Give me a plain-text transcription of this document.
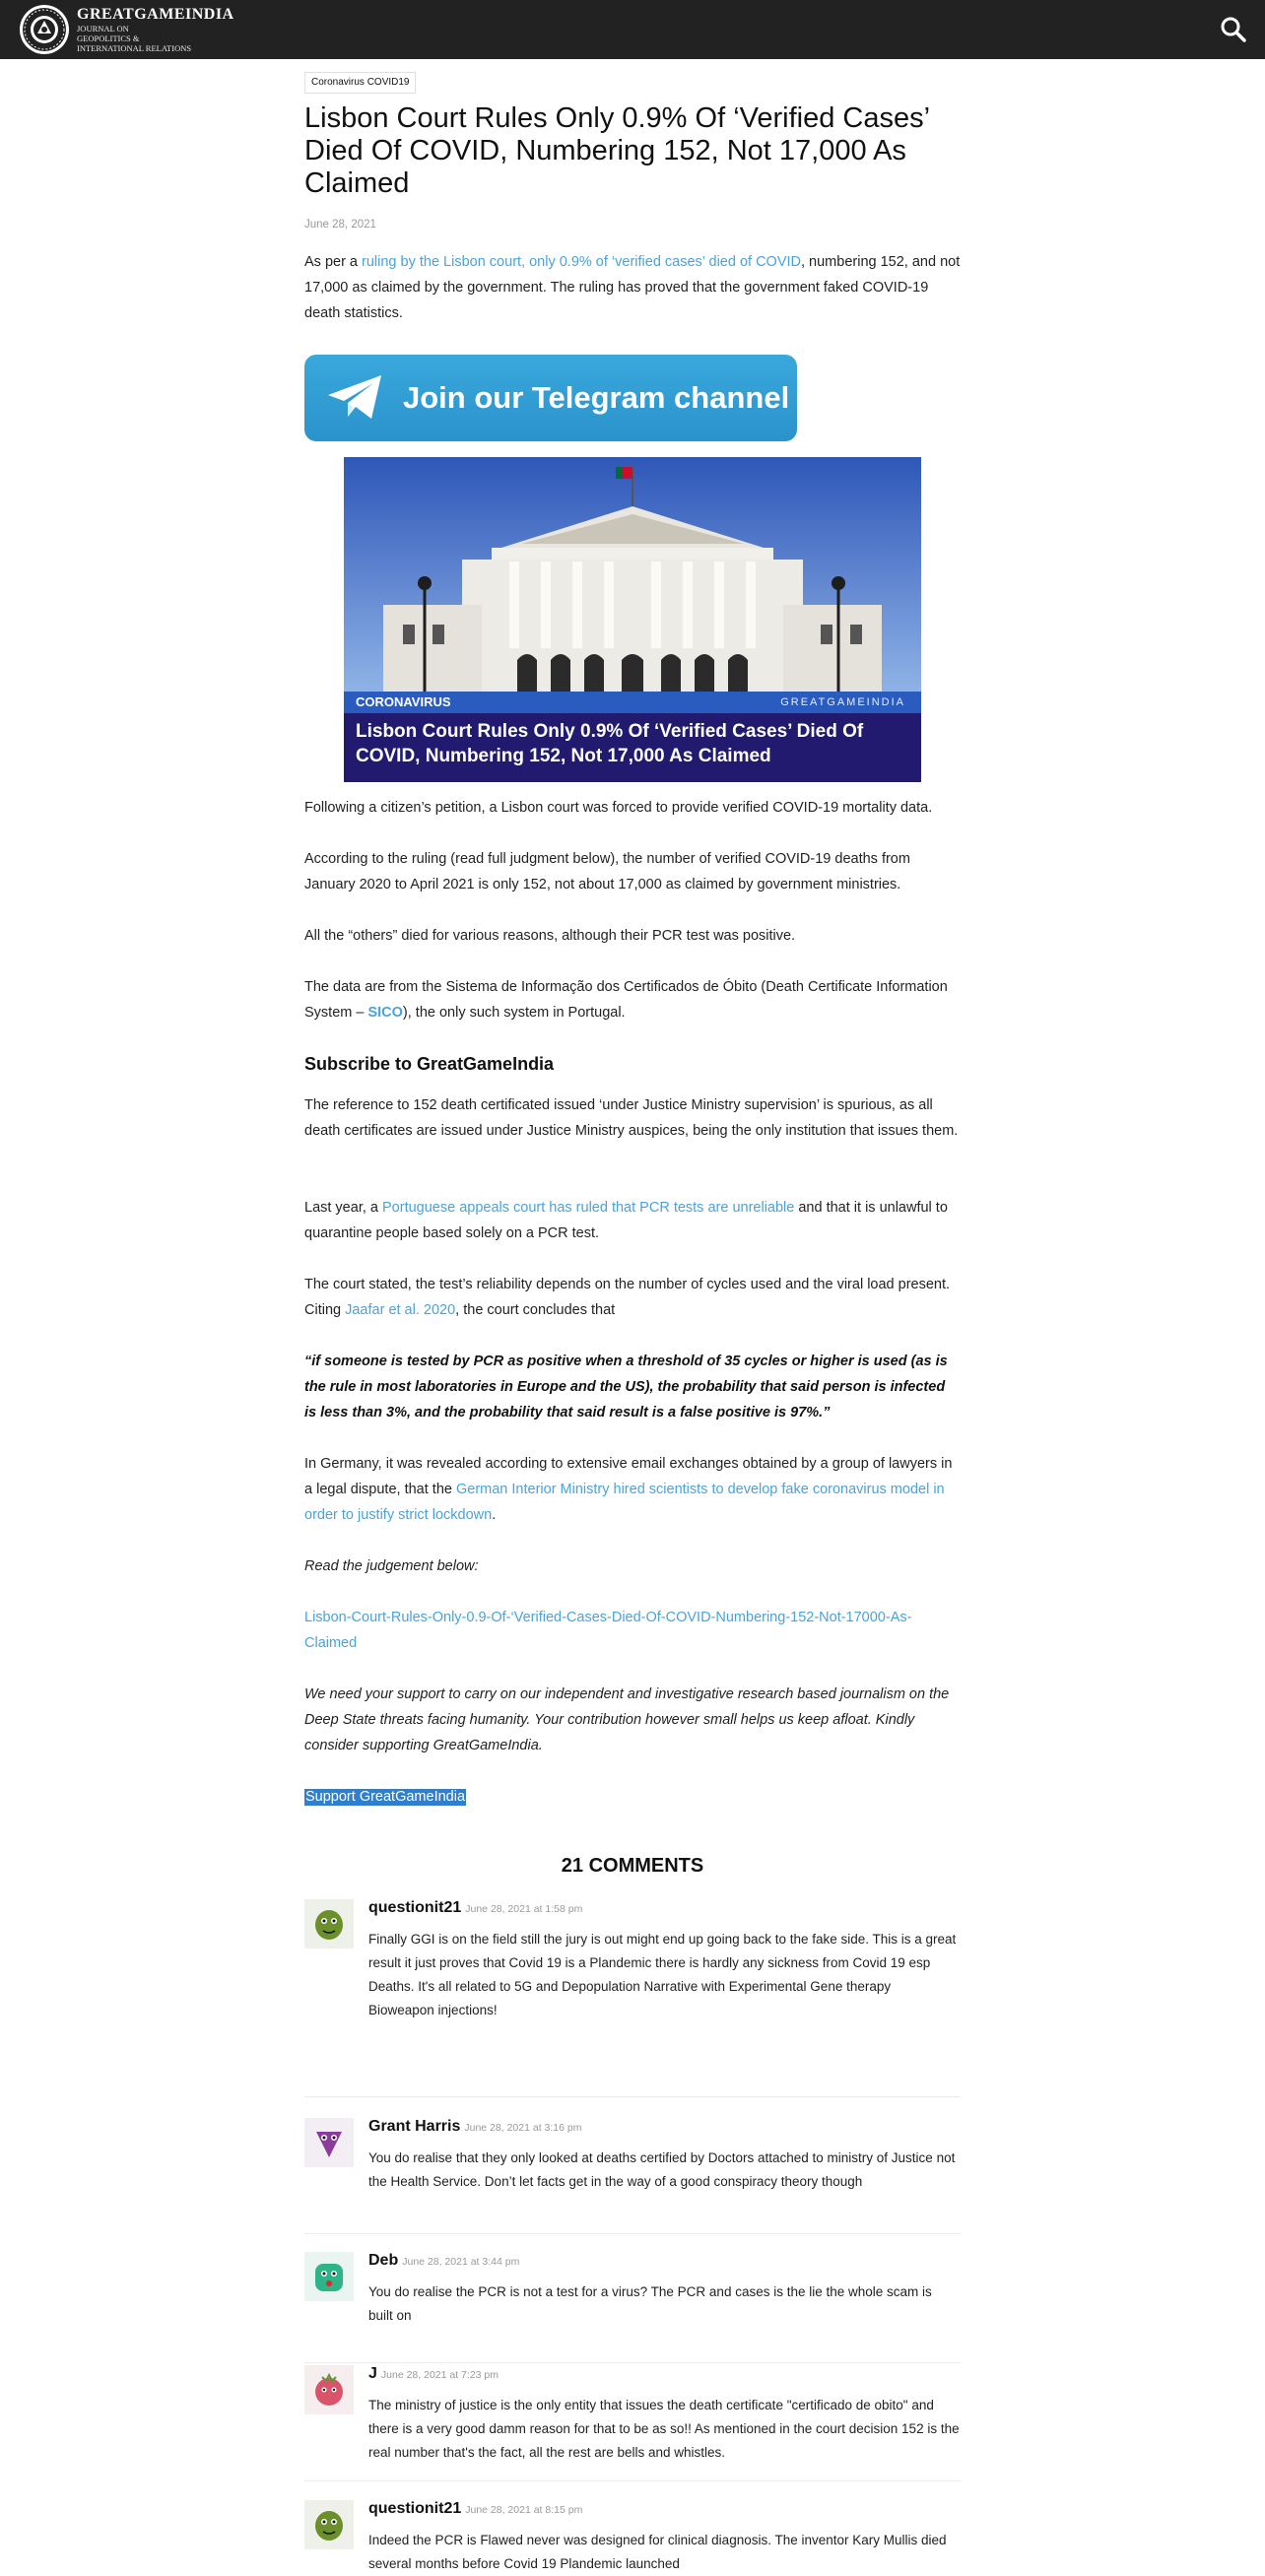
GREATGAMEINDIA
JOURNAL ON
GEOPOLITICS &
INTERNATIONAL RELATIONS
Coronavirus COVID19
Lisbon Court Rules Only 0.9% Of ‘Verified Cases’ Died Of COVID, Numbering 152, Not 17,000 As Claimed
June 28, 2021
As per a ruling by the Lisbon court, only 0.9% of ‘verified cases’ died of COVID, numbering 152, and not 17,000 as claimed by the government. The ruling has proved that the government faked COVID-19 death statistics.
Join our Telegram channel
CORONAVIRUS	GREATGAMEINDIA
Lisbon Court Rules Only 0.9% Of ‘Verified Cases’ Died Of COVID, Numbering 152, Not 17,000 As Claimed
Following a citizen’s petition, a Lisbon court was forced to provide verified COVID-19 mortality data.
According to the ruling (read full judgment below), the number of verified COVID-19 deaths from January 2020 to April 2021 is only 152, not about 17,000 as claimed by government ministries.
All the “others” died for various reasons, although their PCR test was positive.
The data are from the Sistema de Informação dos Certificados de Óbito (Death Certificate Information System – SICO), the only such system in Portugal.
Subscribe to GreatGameIndia
The reference to 152 death certificated issued ‘under Justice Ministry supervision’ is spurious, as all death certificates are issued under Justice Ministry auspices, being the only institution that issues them.
Last year, a Portuguese appeals court has ruled that PCR tests are unreliable and that it is unlawful to quarantine people based solely on a PCR test.
The court stated, the test’s reliability depends on the number of cycles used and the viral load present. Citing Jaafar et al. 2020, the court concludes that
“if someone is tested by PCR as positive when a threshold of 35 cycles or higher is used (as is the rule in most laboratories in Europe and the US), the probability that said person is infected is less than 3%, and the probability that said result is a false positive is 97%.”
In Germany, it was revealed according to extensive email exchanges obtained by a group of lawyers in a legal dispute, that the German Interior Ministry hired scientists to develop fake coronavirus model in order to justify strict lockdown.
Read the judgement below:
Lisbon-Court-Rules-Only-0.9-Of-‘Verified-Cases-Died-Of-COVID-Numbering-152-Not-17000-As-Claimed
We need your support to carry on our independent and investigative research based journalism on the Deep State threats facing humanity. Your contribution however small helps us keep afloat. Kindly consider supporting GreatGameIndia.
Support GreatGameIndia
21 COMMENTS
questionit21 June 28, 2021 at 1:58 pm
Finally GGI is on the field still the jury is out might end up going back to the fake side. This is a great result it just proves that Covid 19 is a Plandemic there is hardly any sickness from Covid 19 esp Deaths. It's all related to 5G and Depopulation Narrative with Experimental Gene therapy Bioweapon injections!
Grant Harris June 28, 2021 at 3:16 pm
You do realise that they only looked at deaths certified by Doctors attached to ministry of Justice not the Health Service. Don’t let facts get in the way of a good conspiracy theory though
Deb June 28, 2021 at 3:44 pm
You do realise the PCR is not a test for a virus? The PCR and cases is the lie the whole scam is built on
J June 28, 2021 at 7:23 pm
The ministry of justice is the only entity that issues the death certificate "certificado de obito" and there is a very good damm reason for that to be as so!! As mentioned in the court decision 152 is the real number that's the fact, all the rest are bells and whistles.
questionit21 June 28, 2021 at 8:15 pm
Indeed the PCR is Flawed never was designed for clinical diagnosis. The inventor Kary Mullis died several months before Covid 19 Plandemic launched
